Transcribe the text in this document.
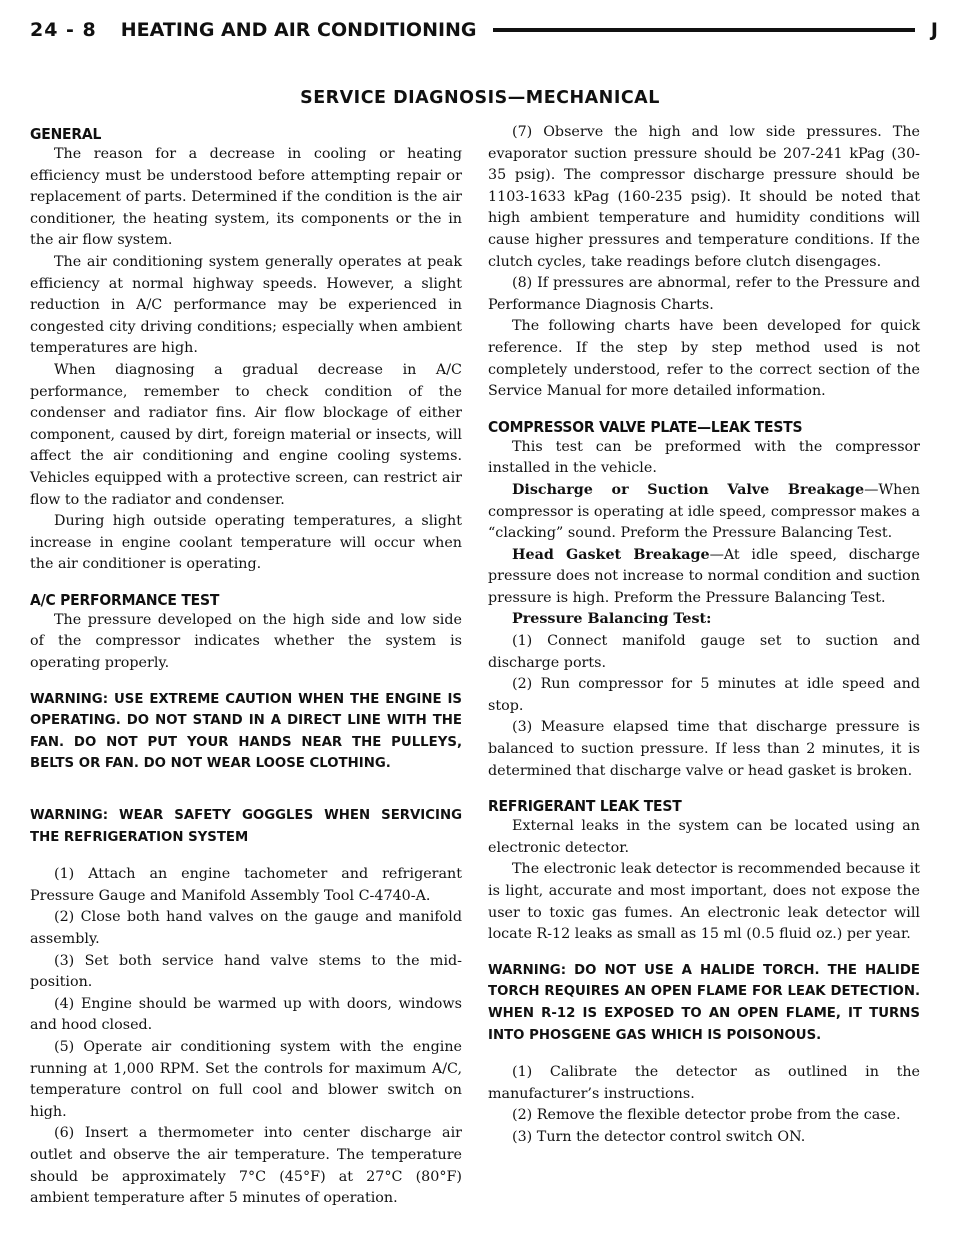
24 - 8 HEATING AND AIR CONDITIONING	J
SERVICE DIAGNOSIS—MECHANICAL
GENERAL

The reason for a decrease in cooling or heating efficiency must be understood before attempting repair or replacement of parts. Determined if the condition is the air conditioner, the heating system, its components or the in the air flow system.

The air conditioning system generally operates at peak efficiency at normal highway speeds. However, a slight reduction in A/C performance may be experienced in congested city driving conditions; especially when ambient temperatures are high.

When diagnosing a gradual decrease in A/C performance, remember to check condition of the condenser and radiator fins. Air flow blockage of either component, caused by dirt, foreign material or insects, will affect the air conditioning and engine cooling systems. Vehicles equipped with a protective screen, can restrict air flow to the radiator and condenser.

During high outside operating temperatures, a slight increase in engine coolant temperature will occur when the air conditioner is operating.

A/C PERFORMANCE TEST

The pressure developed on the high side and low side of the compressor indicates whether the system is operating properly.

WARNING: USE EXTREME CAUTION WHEN THE ENGINE IS OPERATING. DO NOT STAND IN A DIRECT LINE WITH THE FAN. DO NOT PUT YOUR HANDS NEAR THE PULLEYS, BELTS OR FAN. DO NOT WEAR LOOSE CLOTHING.
WARNING: WEAR SAFETY GOGGLES WHEN SERVICING THE REFRIGERATION SYSTEM

(1) Attach an engine tachometer and refrigerant Pressure Gauge and Manifold Assembly Tool C-4740-A.

(2) Close both hand valves on the gauge and manifold assembly.

(3) Set both service hand valve stems to the mid-position.

(4) Engine should be warmed up with doors, windows and hood closed.

(5) Operate air conditioning system with the engine running at 1,000 RPM. Set the controls for maximum A/C, temperature control on full cool and blower switch on high.

(6) Insert a thermometer into center discharge air outlet and observe the air temperature. The temperature should be approximately 7°C (45°F) at 27°C (80°F) ambient temperature after 5 minutes of operation.

(7) Observe the high and low side pressures. The evaporator suction pressure should be 207-241 kPag (30-35 psig). The compressor discharge pressure should be 1103-1633 kPag (160-235 psig). It should be noted that high ambient temperature and humidity conditions will cause higher pressures and temperature conditions. If the clutch cycles, take readings before clutch disengages.

(8) If pressures are abnormal, refer to the Pressure and Performance Diagnosis Charts.

The following charts have been developed for quick reference. If the step by step method used is not completely understood, refer to the correct section of the Service Manual for more detailed information.

COMPRESSOR VALVE PLATE—LEAK TESTS

This test can be preformed with the compressor installed in the vehicle.

Discharge or Suction Valve Breakage—When compressor is operating at idle speed, compressor makes a “clacking” sound. Preform the Pressure Balancing Test.

Head Gasket Breakage—At idle speed, discharge pressure does not increase to normal condition and suction pressure is high. Preform the Pressure Balancing Test.

Pressure Balancing Test:

(1) Connect manifold gauge set to suction and discharge ports.

(2) Run compressor for 5 minutes at idle speed and stop.

(3) Measure elapsed time that discharge pressure is balanced to suction pressure. If less than 2 minutes, it is determined that discharge valve or head gasket is broken.

REFRIGERANT LEAK TEST

External leaks in the system can be located using an electronic detector.

The electronic leak detector is recommended because it is light, accurate and most important, does not expose the user to toxic gas fumes. An electronic leak detector will locate R-12 leaks as small as 15 ml (0.5 fluid oz.) per year.

WARNING: DO NOT USE A HALIDE TORCH. THE HALIDE TORCH REQUIRES AN OPEN FLAME FOR LEAK DETECTION. WHEN R-12 IS EXPOSED TO AN OPEN FLAME, IT TURNS INTO PHOSGENE GAS WHICH IS POISONOUS.

(1) Calibrate the detector as outlined in the manufacturer’s instructions.

(2) Remove the flexible detector probe from the case.

(3) Turn the detector control switch ON.
